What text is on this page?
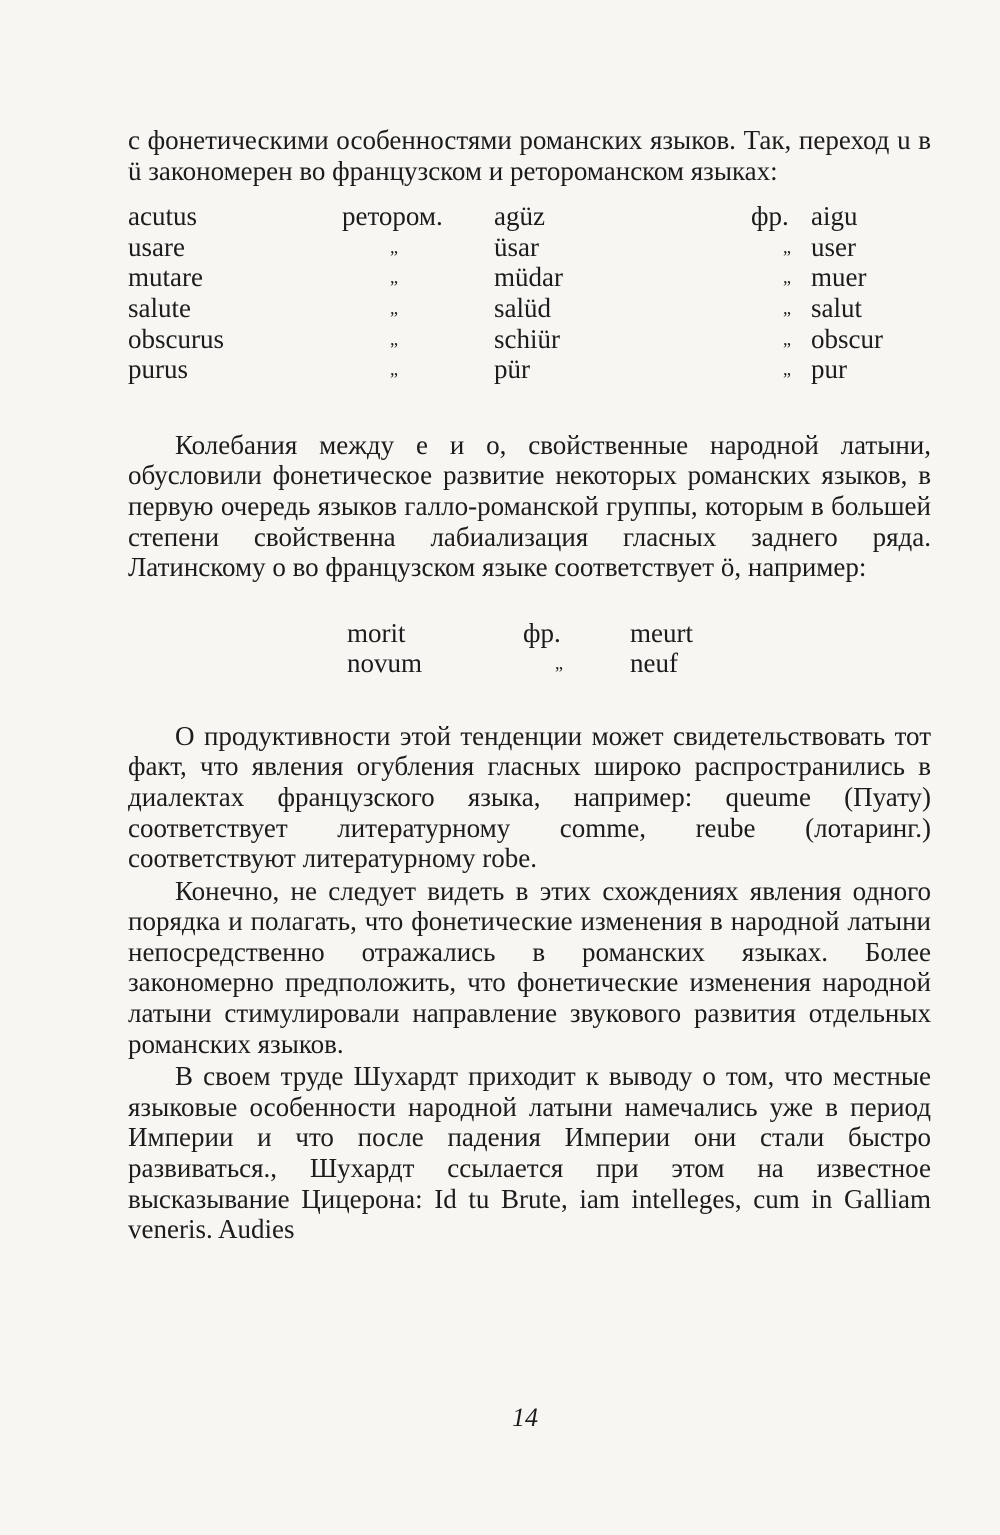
с фонетическими особенностями романских языков. Так, переход u в ü закономерен во французском и ретороманском языках:

acutus	ретором. agüz	фр. aigu
usare	„	üsar	„ user
mutare	„	müdar	„ muer
salute	„	salüd	„ salut
obscurus	„	schiür	„ obscur
purus	„	pür	„ pur

Колебания между е и о, свойственные народной латыни, обусловили фонетическое развитие некоторых романских языков, в первую очередь языков галло-романской группы, которым в большей степени свойственна лабиализация гласных заднего ряда. Латинскому о во французском языке соответствует ö, например:

morit	фр.	meurt
novum	„ neuf

О продуктивности этой тенденции может свидетельствовать тот факт, что явления огубления гласных широко распространились в диалектах французского языка, например: queume (Пуату) соответствует литературному comme, reube (лотаринг.) соответствуют литературному robe.

Конечно, не следует видеть в этих схождениях явления одного порядка и полагать, что фонетические изменения в народной латыни непосредственно отражались в романских языках. Более закономерно предположить, что фонетические изменения народной латыни стимулировали направление звукового развития отдельных романских языков.

В своем труде Шухардт приходит к выводу о том, что местные языковые особенности народной латыни намечались уже в период Империи и что после падения Империи они стали быстро развиваться., Шухардт ссылается при этом на известное высказывание Цицерона: Id tu Brute, iam intelleges, cum in Galliam veneris. Audies

14
